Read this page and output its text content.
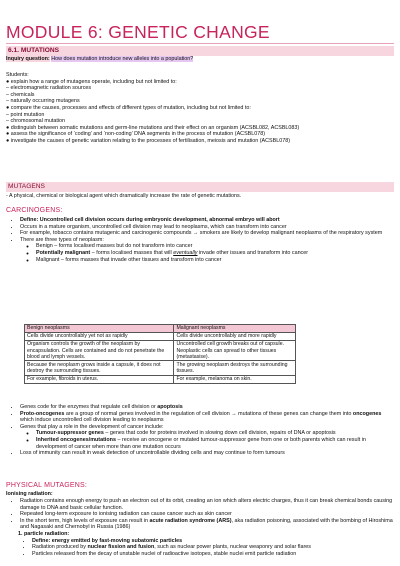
MODULE 6: GENETIC CHANGE
6.1. MUTATIONS
Inquiry question: How does mutation introduce new alleles into a population?

Students:

● explain how a range of mutagens operate, including but not limited to:

– electromagnetic radiation sources

– chemicals

– naturally occurring mutagens

● compare the causes, processes and effects of different types of mutation, including but not limited to:

– point mutation

– chromosomal mutation

● distinguish between somatic mutations and germ-line mutations and their effect on an organism (ACSBL082, ACSBL083)

● assess the significance of ‘coding’ and ‘non-coding’ DNA segments in the process of mutation (ACSBL078)

● investigate the causes of genetic variation relating to the processes of fertilisation, meiosis and mutation (ACSBL078)

MUTAGENS
- A physical, chemical or biological agent which dramatically increase the rate of genetic mutations.
CARCINOGENS:
• Define: Uncontrolled cell division occurs during embryonic development, abnormal embryo will abort
• Occurs in a mature organism, uncontrolled cell division may lead to neoplasms, which can transform into cancer
• For example, tobacco contains mutagenic and carcinogenic compounds → smokers are likely to develop malignant neoplasms of the respiratory system
• There are three types of neoplasm:
◦ Benign – forms localised masses but do not transform into cancer
◦ Potentially malignant – forms localised masses that will eventually invade other issues and transform into cancer
◦ Malignant – forms masses that invade other tissues and transform into cancer
Benign neoplasms	Malignant neoplasms
Cells divide uncontrollably yet not as rapidly	Cells divide uncontrollably and more rapidly
Organism controls the growth of the neoplasm by encapsulation. Cells are contained and do not penetrate the blood and lymph vessels.	Uncontrolled cell growth breaks out of capsule. Neoplastic cells can spread to other tissues (metastasise).
Because the neoplasm grows inside a capsule, it does not destroy the surrounding tissues.	The growing neoplasm destroys the surrounding tissues.
For example, fibroids in uterus.	For example, melanoma on skin.
• Genes code for the enzymes that regulate cell division or apoptosis
• Proto-oncogenes are a group of normal genes involved in the regulation of cell division → mutations of these genes can change them into oncogenes which induce uncontrolled cell division leading to neoplasms
• Genes that play a role in the development of cancer include:
◦ Tumour-suppressor genes – genes that code for proteins involved in slowing down cell division, repairs of DNA or apoptosis
◦ Inherited oncogenes/mutations – receive an oncogene or mutated tumour-suppressor gene from one or both parents which can result in development of cancer when more than one mutation occurs
• Loss of immunity can result in weak detection of uncontrollable dividing cells and may continue to form tumours
PHYSICAL MUTAGENS:
Ionising radiation:
• Radiation contains enough energy to push an electron out of its orbit, creating an ion which alters electric charges, thus it can break chemical bonds causing damage to DNA and basic cellular function.
• Repeated long-term exposure to ionising radiation can cause cancer such as skin cancer
• In the short term, high levels of exposure can result in acute radiation syndrome (ARS), aka radiation poisoning, associated with the bombing of Hiroshima and Nagasaki and Chernobyl in Russia (1986)
1. particle radiation:
• Define: energy emitted by fast-moving subatomic particles
• Radiation produced by nuclear fission and fusion, such as nuclear power plants, nuclear weaponry and solar flares
• Particles released from the decay of unstable nuclei of radioactive isotopes, stable nuclei emit particle radiation
